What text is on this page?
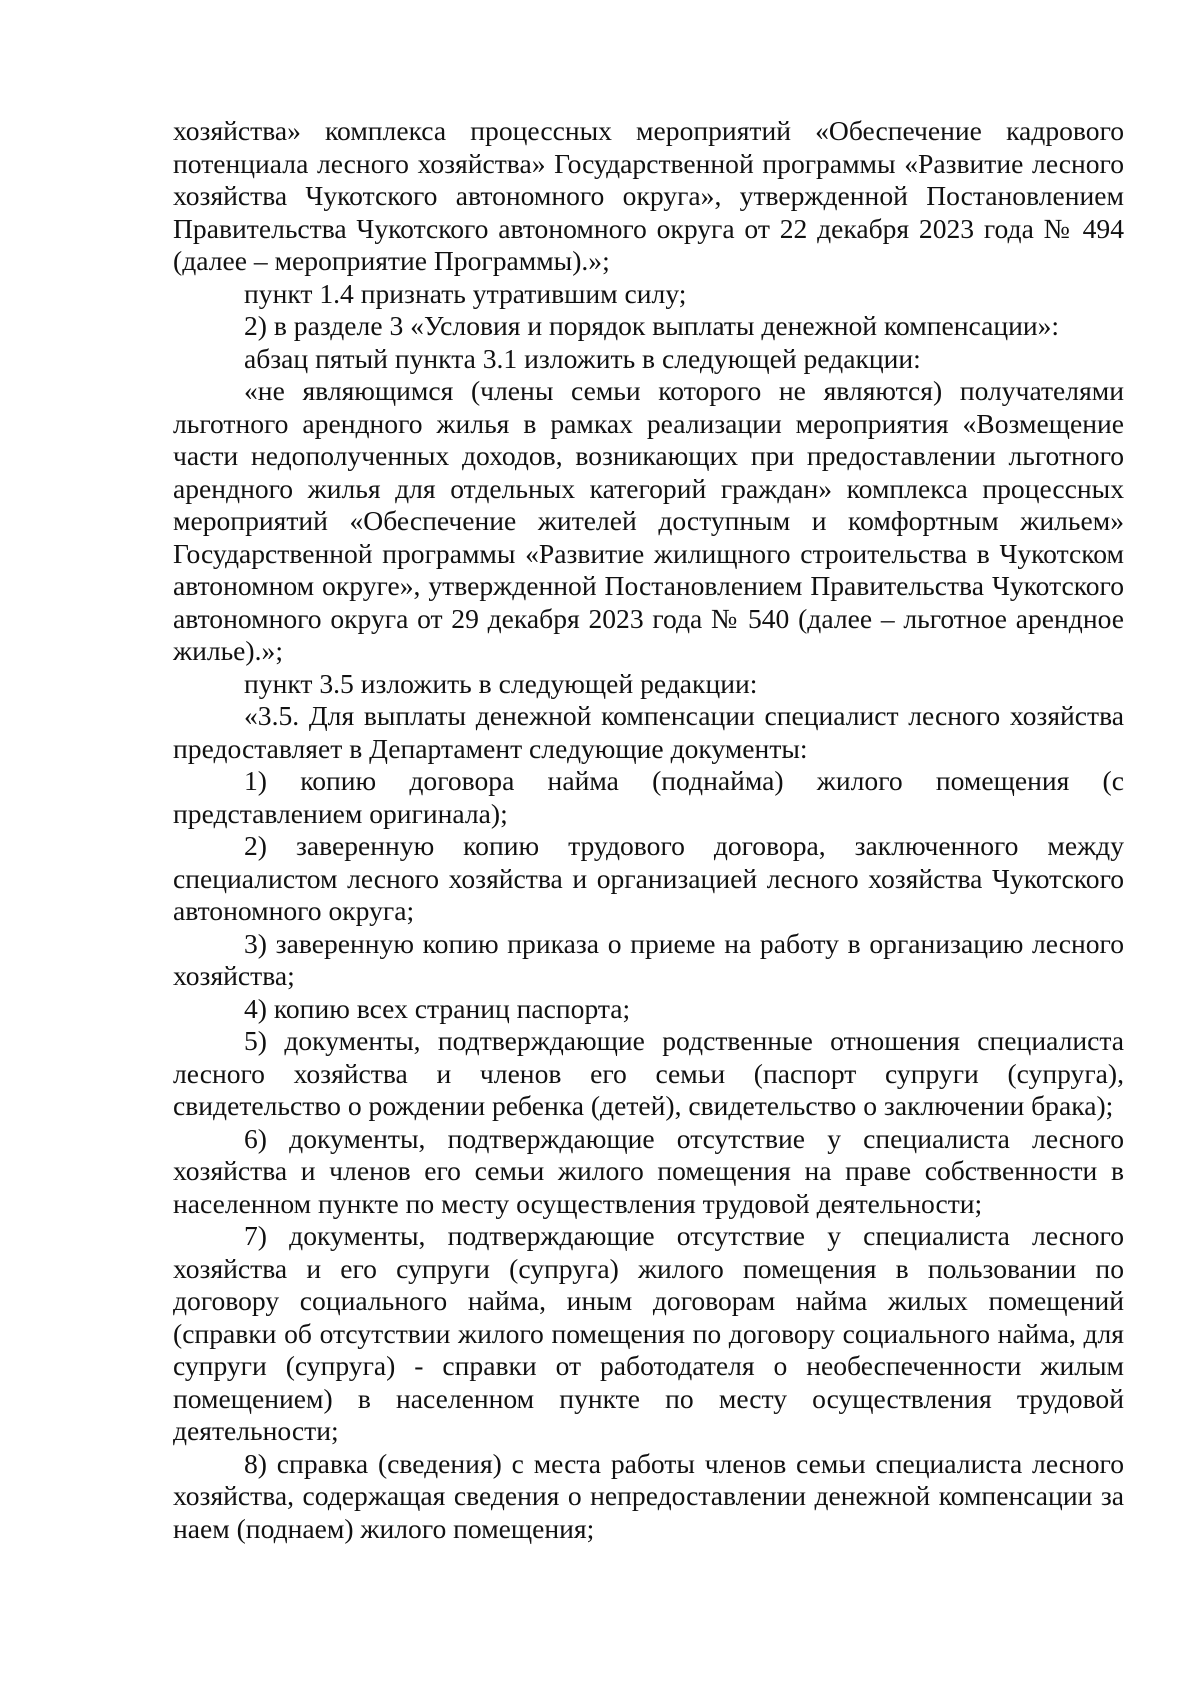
хозяйства» комплекса процессных мероприятий «Обеспечение кадрового потенциала лесного хозяйства» Государственной программы «Развитие лесного хозяйства Чукотского автономного округа», утвержденной Постановлением Правительства Чукотского автономного округа от 22 декабря 2023 года № 494 (далее – мероприятие Программы).»;

пункт 1.4 признать утратившим силу;

2) в разделе 3 «Условия и порядок выплаты денежной компенсации»:

абзац пятый пункта 3.1 изложить в следующей редакции:

«не являющимся (члены семьи которого не являются) получателями льготного арендного жилья в рамках реализации мероприятия «Возмещение части недополученных доходов, возникающих при предоставлении льготного арендного жилья для отдельных категорий граждан» комплекса процессных мероприятий «Обеспечение жителей доступным и комфортным жильем» Государственной программы «Развитие жилищного строительства в Чукотском автономном округе», утвержденной Постановлением Правительства Чукотского автономного округа от 29 декабря 2023 года № 540 (далее – льготное арендное жилье).»;

пункт 3.5 изложить в следующей редакции:

«3.5. Для выплаты денежной компенсации специалист лесного хозяйства предоставляет в Департамент следующие документы:

1) копию договора найма (поднайма) жилого помещения (с представлением оригинала);

2) заверенную копию трудового договора, заключенного между специалистом лесного хозяйства и организацией лесного хозяйства Чукотского автономного округа;

3) заверенную копию приказа о приеме на работу в организацию лесного хозяйства;

4) копию всех страниц паспорта;

5) документы, подтверждающие родственные отношения специалиста лесного хозяйства и членов его семьи (паспорт супруги (супруга), свидетельство о рождении ребенка (детей), свидетельство о заключении брака);

6) документы, подтверждающие отсутствие у специалиста лесного хозяйства и членов его семьи жилого помещения на праве собственности в населенном пункте по месту осуществления трудовой деятельности;

7) документы, подтверждающие отсутствие у специалиста лесного хозяйства и его супруги (супруга) жилого помещения в пользовании по договору социального найма, иным договорам найма жилых помещений (справки об отсутствии жилого помещения по договору социального найма, для супруги (супруга) - справки от работодателя о необеспеченности жилым помещением) в населенном пункте по месту осуществления трудовой деятельности;

8) справка (сведения) с места работы членов семьи специалиста лесного хозяйства, содержащая сведения о непредоставлении денежной компенсации за наем (поднаем) жилого помещения;
